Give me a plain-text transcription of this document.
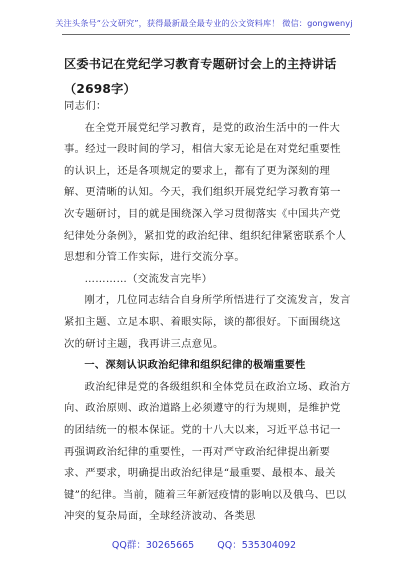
关注头条号“公文研究”，获得最新最全最专业的公文资料库！ 微信：gongwenyj
区委书记在党纪学习教育专题研讨会上的主持讲话（2698字）

同志们：

在全党开展党纪学习教育，是党的政治生活中的一件大事。经过一段时间的学习，相信大家无论是在对党纪重要性的认识上，还是各项规定的要求上，都有了更为深刻的理解、更清晰的认知。今天，我们组织开展党纪学习教育第一次专题研讨，目的就是围绕深入学习贯彻落实《中国共产党纪律处分条例》，紧扣党的政治纪律、组织纪律紧密联系个人思想和分管工作实际，进行交流分享。

…………（交流发言完毕）

刚才，几位同志结合自身所学所悟进行了交流发言，发言紧扣主题、立足本职、着眼实际，谈的都很好。下面围绕这次的研讨主题，我再讲三点意见。

一、深刻认识政治纪律和组织纪律的极端重要性

政治纪律是党的各级组织和全体党员在政治立场、政治方向、政治原则、政治道路上必须遵守的行为规则，是维护党的团结统一的根本保证。党的十八大以来，习近平总书记一再强调政治纪律的重要性，一再对严守政治纪律提出新要求、严要求，明确提出政治纪律是“最重要、最根本、最关键”的纪律。当前，随着三年新冠疫情的影响以及俄乌、巴以冲突的复杂局面，全球经济波动、各类思

QQ群：30265665 QQ：535304092
